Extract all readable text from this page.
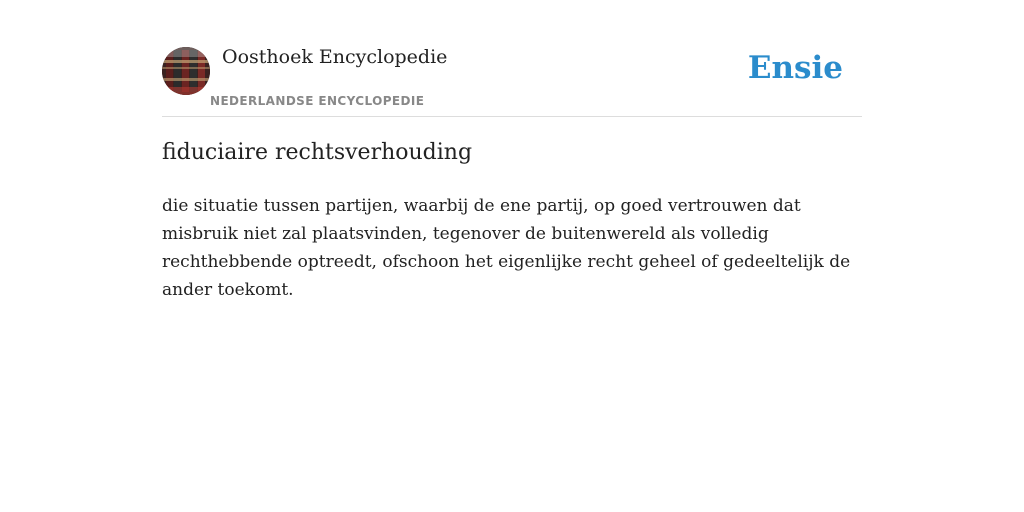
Oosthoek Encyclopedie
NEDERLANDSE ENCYCLOPEDIE
Ensie
fiduciaire rechtsverhouding

die situatie tussen partijen, waarbij de ene partij, op goed vertrouwen dat misbruik niet zal plaatsvinden, tegenover de buitenwereld als volledig rechthebbende optreedt, ofschoon het eigenlijke recht geheel of gedeeltelijk de ander toekomt.
